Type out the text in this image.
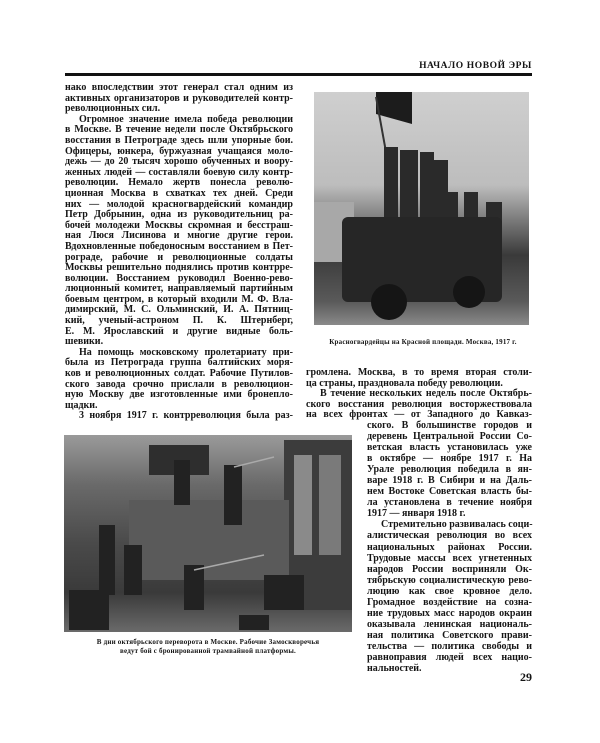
НАЧАЛО НОВОЙ ЭРЫ
нако впоследствии этот генерал стал одним из
активных организаторов и руководителей контр-
революционных сил.
Огромное значение имела победа революции
в Москве. В течение недели после Октябрьского
восстания в Петрограде здесь шли упорные бои.
Офицеры, юнкера, буржуазная учащаяся моло-
дежь — до 20 тысяч хорошо обученных и воору-
женных людей — составляли боевую силу контр-
революции. Немало жертв понесла револю-
ционная Москва в схватках тех дней. Среди
них — молодой красногвардейский командир
Петр Добрынин, одна из руководительниц ра-
бочей молодежи Москвы скромная и бесстраш-
ная Люся Лисинова и многие другие герои.
Вдохновленные победоносным восстанием в Пет-
рограде, рабочие и революционные солдаты
Москвы решительно поднялись против контрре-
волюции. Восстанием руководил Военно-рево-
люционный комитет, направляемый партийным
боевым центром, в который входили М. Ф. Вла-
димирский, М. С. Ольминский, И. А. Пятниц-
кий, ученый-астроном П. К. Штернберг,
Е. М. Ярославский и другие видные боль-
шевики.
На помощь московскому пролетариату при-
была из Петрограда группа балтийских моря-
ков и революционных солдат. Рабочие Путилов-
ского завода срочно прислали в революцион-
ную Москву две изготовленные ими бронепло-
щадки.
3 ноября 1917 г. контрреволюция была раз-
Красногвардейцы на Красной площади. Москва, 1917 г.
громлена. Москва, в то время вторая столи-
ца страны, праздновала победу революции.
В течение нескольких недель после Октябрь-
ского восстания революция восторжествовала
на всех фронтах — от Западного до Кавказ-
В дни октябрьского переворота в Москве. Рабочие Замоскворечья
ведут бой с бронированной трамвайной платформы.
ского. В большинстве городов и
деревень Центральной России Со-
ветская власть установилась уже
в октябре — ноябре 1917 г. На
Урале революция победила в ян-
варе 1918 г. В Сибири и на Даль-
нем Востоке Советская власть бы-
ла установлена в течение ноября
1917 — января 1918 г.
Стремительно развивалась соци-
алистическая революция во всех
национальных районах России.
Трудовые массы всех угнетенных
народов России восприняли Ок-
тябрьскую социалистическую рево-
люцию как свое кровное дело.
Громадное воздействие на созна-
ние трудовых масс народов окраин
оказывала ленинская националь-
ная политика Советского прави-
тельства — политика свободы и
равноправия людей всех нацио-
нальностей.
29
